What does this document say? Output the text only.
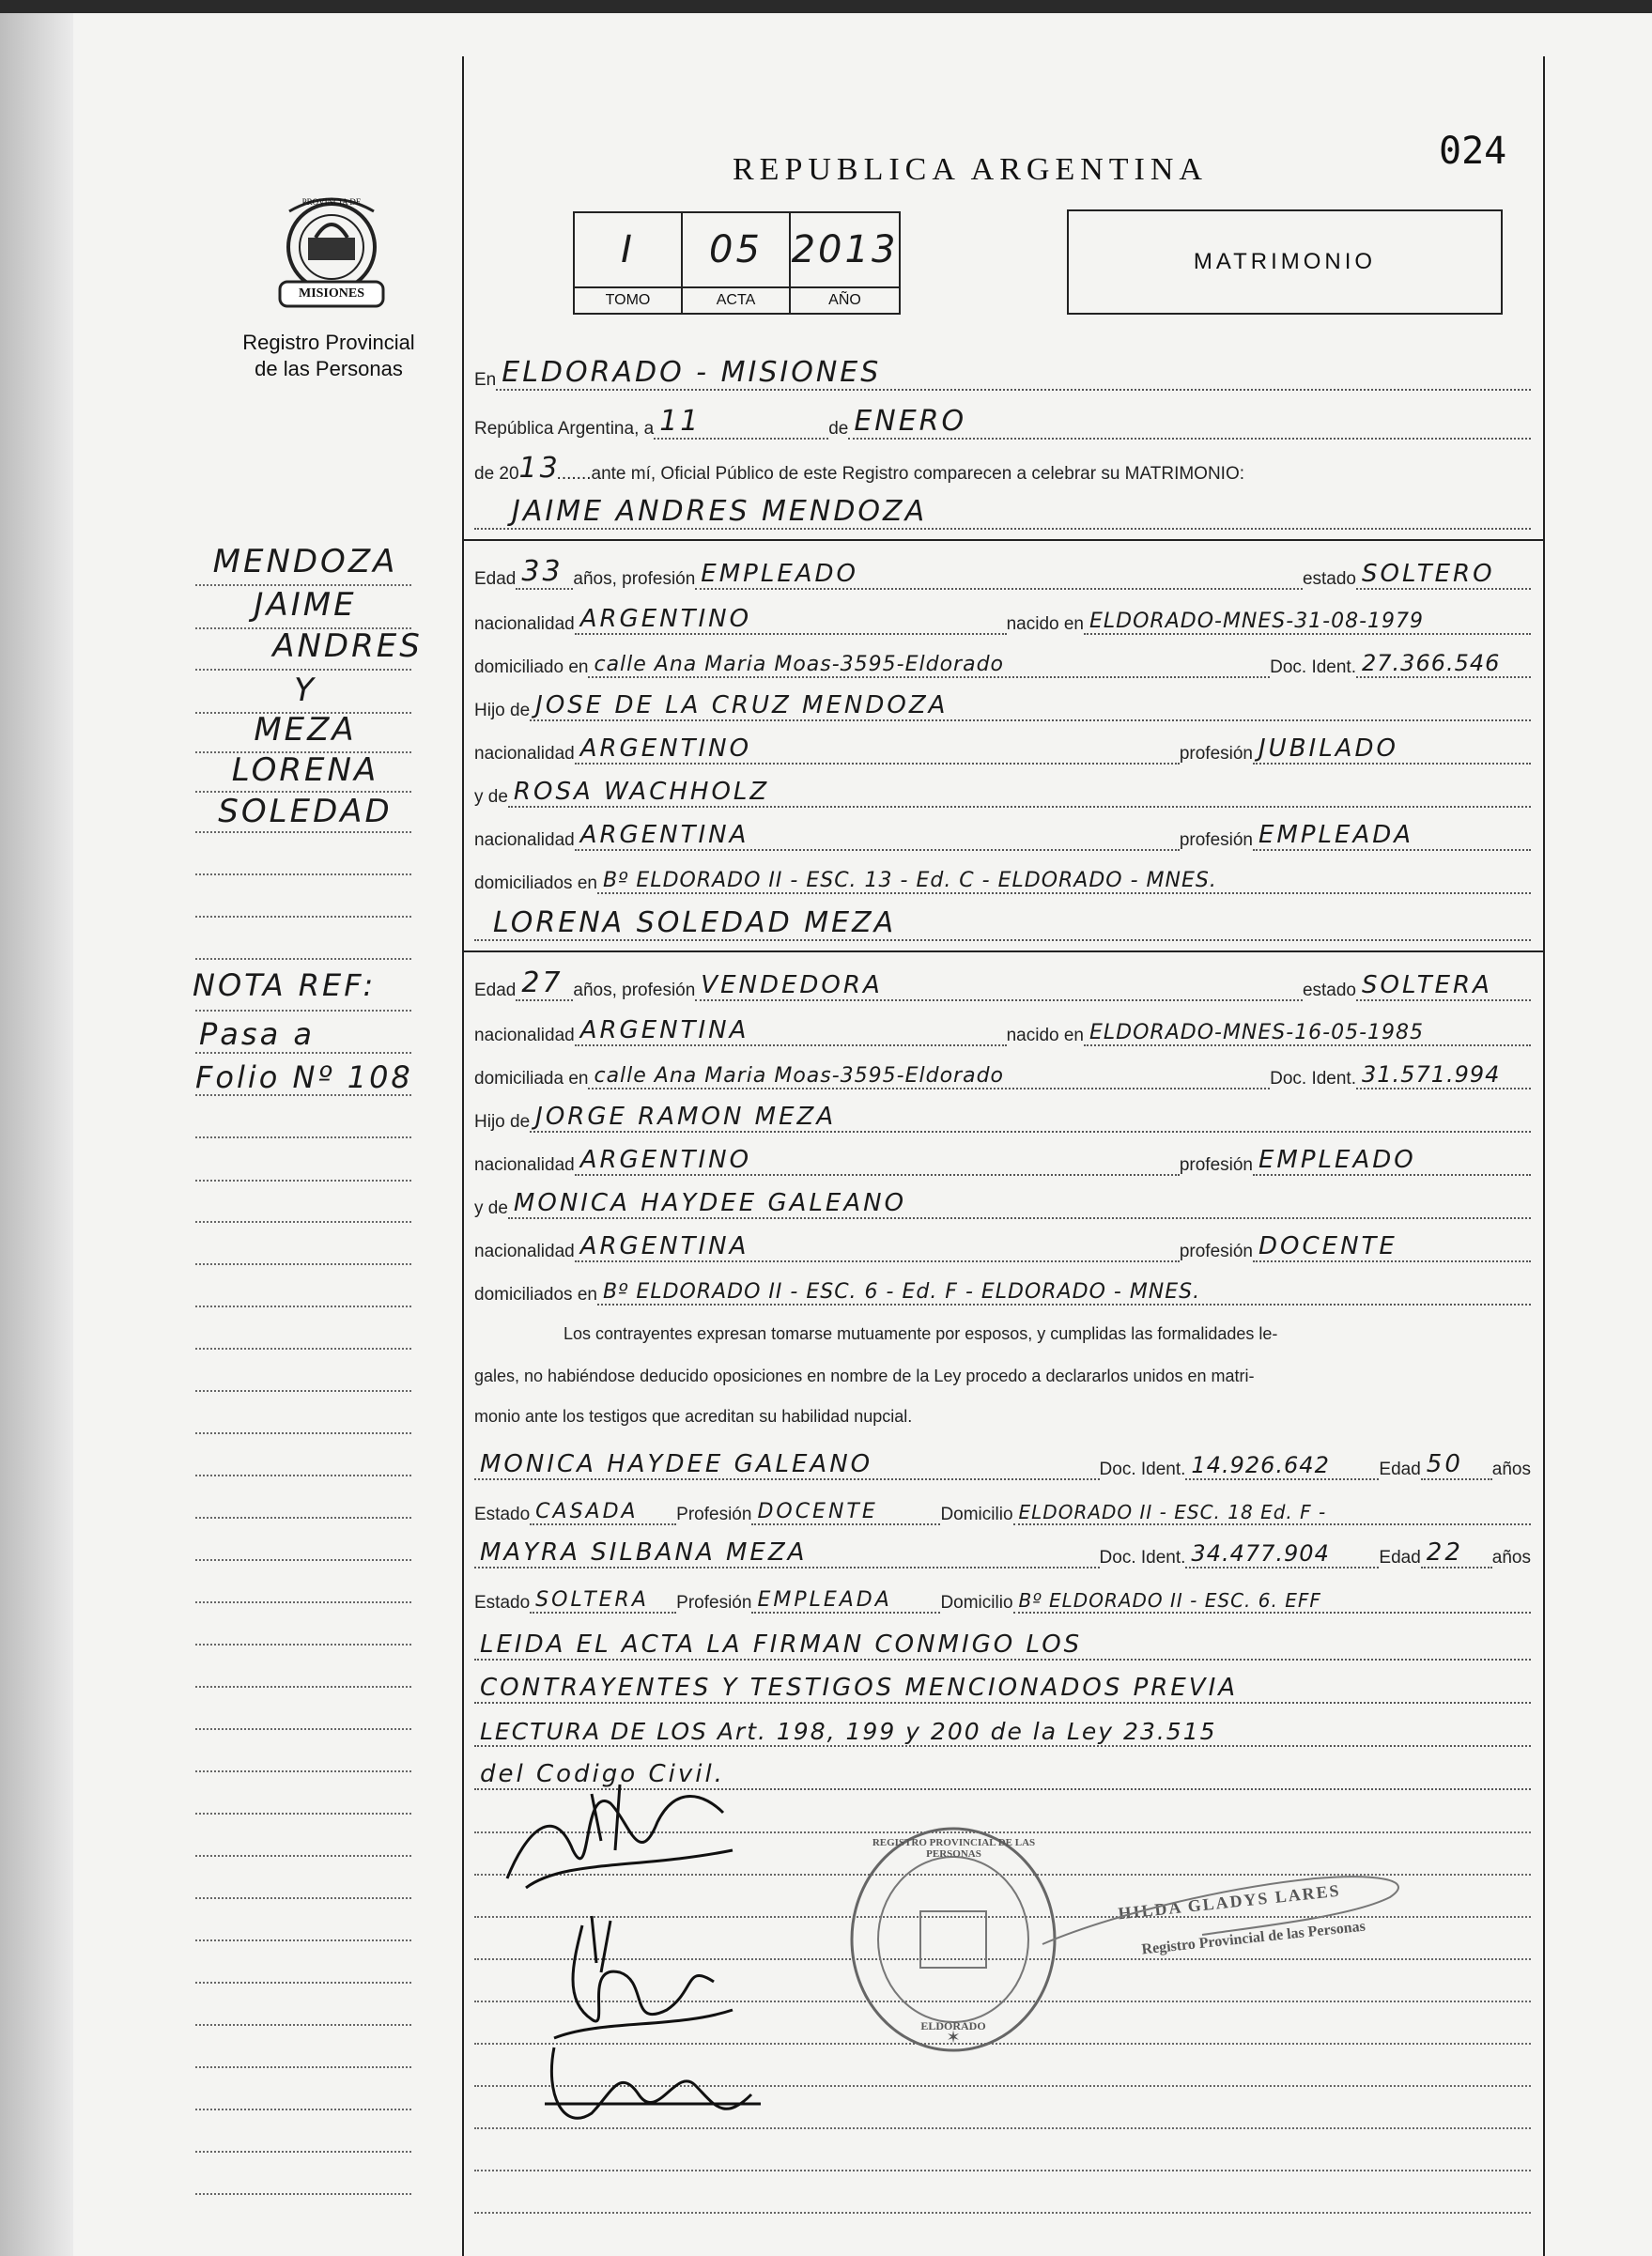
024
REPUBLICA ARGENTINA
PROVINCIA DE
MISIONES
Registro Provincial
de las Personas
I	05 2013
TOMO	ACTA	AÑO
MATRIMONIO
MENDOZA
JAIME
ANDRES
Y
MEZA
LORENA
SOLEDAD
NOTA REF:
Pasa a
Folio Nº 108
En ELDORADO - MISIONES
República Argentina, a 11	de ENERO
de 20 13
.......ante mí, Oficial Público de este Registro comparecen a celebrar su MATRIMONIO:
JAIME ANDRES MENDOZA
Edad 33 años, profesión EMPLEADO	estado SOLTERO
nacionalidad ARGENTINO	nacido en ELDORADO-MNES-31-08-1979
domiciliado en calle Ana Maria Moas-3595-Eldorado	Doc. Ident. 27.366.546
Hijo de JOSE DE LA CRUZ MENDOZA
nacionalidad ARGENTINO	profesión JUBILADO
y de ROSA WACHHOLZ
nacionalidad ARGENTINA	profesión EMPLEADA
domiciliados en Bº ELDORADO II - ESC. 13 - Ed. C - ELDORADO - MNES.
LORENA SOLEDAD MEZA
Edad 27 años, profesión VENDEDORA	estado SOLTERA
nacionalidad ARGENTINA	nacido en ELDORADO-MNES-16-05-1985
domiciliada en calle Ana Maria Moas-3595-Eldorado	Doc. Ident. 31.571.994
Hijo de JORGE RAMON MEZA
nacionalidad ARGENTINO	profesión EMPLEADO
y de MONICA HAYDEE GALEANO
nacionalidad ARGENTINA	profesión DOCENTE
domiciliados en Bº ELDORADO II - ESC. 6 - Ed. F - ELDORADO - MNES.
Los contrayentes expresan tomarse mutuamente por esposos, y cumplidas las formalidades le-
gales, no habiéndose deducido oposiciones en nombre de la Ley procedo a declararlos unidos en matri-
monio ante los testigos que acreditan su habilidad nupcial.
MONICA HAYDEE GALEANO	Doc. Ident. 14.926.642	Edad 50	años
Estado CASADA	Profesión DOCENTE	Domicilio ELDORADO II - ESC. 18 Ed. F -
MAYRA SILBANA MEZA	Doc. Ident. 34.477.904	Edad 22	años
Estado SOLTERA	Profesión EMPLEADA	Domicilio Bº ELDORADO II - ESC. 6. EFF
LEIDA EL ACTA LA FIRMAN CONMIGO LOS
CONTRAYENTES Y TESTIGOS MENCIONADOS PREVIA
LECTURA DE LOS Art. 198, 199 y 200 de la Ley 23.515
del Codigo Civil.
✶
REGISTRO PROVINCIAL DE LAS PERSONAS
ELDORADO
HILDA GLADYS LARES
Registro Provincial de las Personas
